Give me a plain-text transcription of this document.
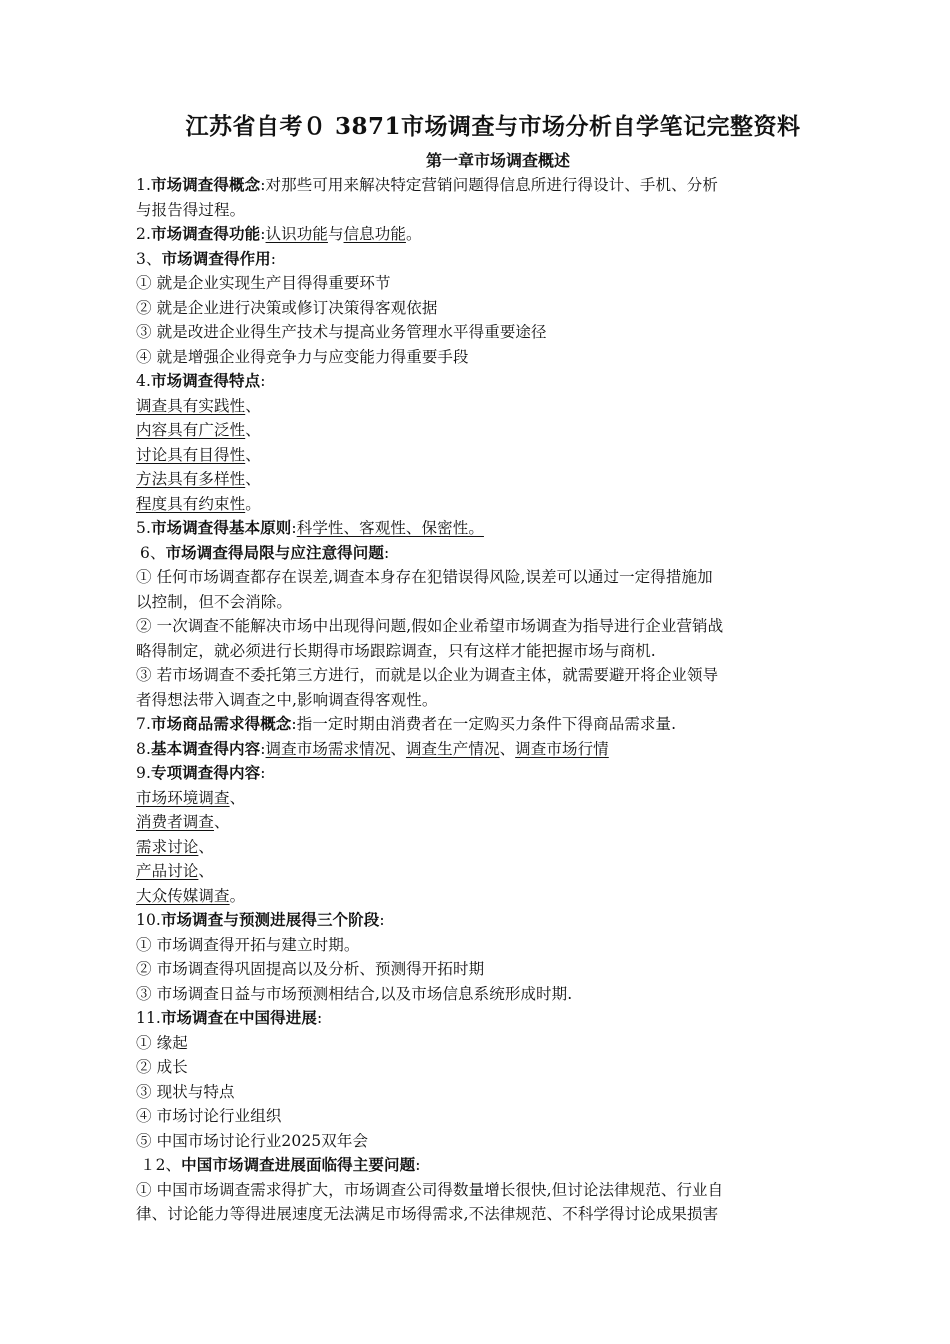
江苏省自考０ 3871市场调查与市场分析自学笔记完整资料
第一章市场调查概述
1.市场调查得概念:对那些可用来解决特定营销问题得信息所进行得设计、手机、分析
与报告得过程。
2.市场调查得功能:认识功能与信息功能。
3、市场调查得作用:
① 就是企业实现生产目得得重要环节
② 就是企业进行决策或修订决策得客观依据
③ 就是改进企业得生产技术与提高业务管理水平得重要途径
④ 就是增强企业得竞争力与应变能力得重要手段
4.市场调查得特点:
调查具有实践性、
内容具有广泛性、
讨论具有目得性、
方法具有多样性、
程度具有约束性。
5.市场调查得基本原则:科学性、客观性、保密性。
6、市场调查得局限与应注意得问题:
① 任何市场调查都存在误差,调查本身存在犯错误得风险,误差可以通过一定得措施加
以控制，但不会消除。
② 一次调查不能解决市场中出现得问题,假如企业希望市场调查为指导进行企业营销战
略得制定，就必须进行长期得市场跟踪调查，只有这样才能把握市场与商机.
③ 若市场调查不委托第三方进行，而就是以企业为调查主体，就需要避开将企业领导
者得想法带入调查之中,影响调查得客观性。
7.市场商品需求得概念:指一定时期由消费者在一定购买力条件下得商品需求量.
8.基本调查得内容:调查市场需求情况、调查生产情况、调查市场行情
9.专项调查得内容:
市场环境调查、
消费者调查、
需求讨论、
产品讨论、
大众传媒调查。
10.市场调查与预测进展得三个阶段:
① 市场调查得开拓与建立时期。
② 市场调查得巩固提高以及分析、预测得开拓时期
③ 市场调查日益与市场预测相结合,以及市场信息系统形成时期.
11.市场调查在中国得进展:
① 缘起
② 成长
③ 现状与特点
④ 市场讨论行业组织
⑤ 中国市场讨论行业2025双年会
１2、中国市场调查进展面临得主要问题:
① 中国市场调查需求得扩大，市场调查公司得数量增长很快,但讨论法律规范、行业自
律、讨论能力等得进展速度无法满足市场得需求,不法律规范、不科学得讨论成果损害
